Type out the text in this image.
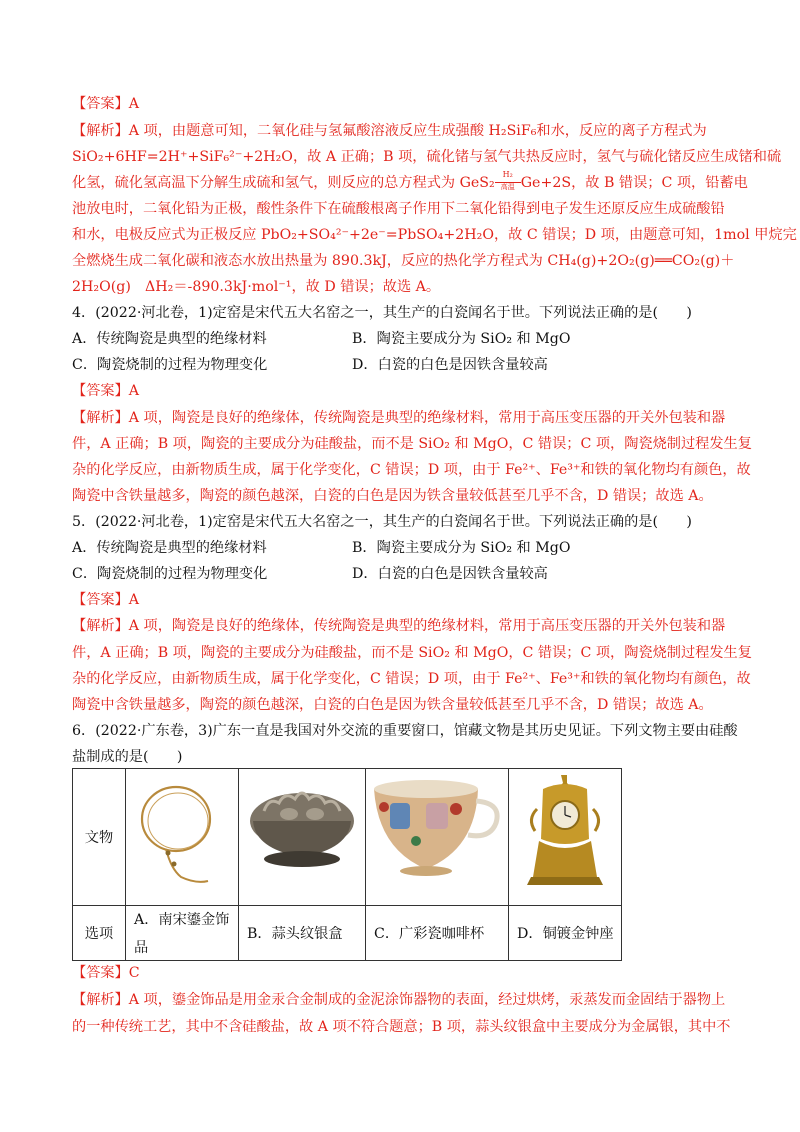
【答案】A
【解析】A 项，由题意可知，二氧化硅与氢氟酸溶液反应生成强酸 H₂SiF₆和水，反应的离子方程式为
SiO₂+6HF=2H⁺+SiF₆²⁻+2H₂O，故 A 正确；B 项，硫化锗与氢气共热反应时，氢气与硫化锗反应生成锗和硫
化氢，硫化氢高温下分解生成硫和氢气，则反应的总方程式为 $GeS_2 \frac{\text{H₂}}{\text{高温}} Ge+2S$，故 B 错误；C 项，铅蓄电
池放电时，二氧化铅为正极，酸性条件下在硫酸根离子作用下二氧化铅得到电子发生还原反应生成硫酸铅
和水，电极反应式为正极反应 PbO₂+SO₄²⁻+2e⁻=PbSO₄+2H₂O，故 C 错误；D 项，由题意可知，1mol 甲烷完
全燃烧生成二氧化碳和液态水放出热量为 890.3kJ，反应的热化学方程式为 CH₄(g)+2O₂(g)══CO₂(g)＋
2H₂O(g)　ΔH₂＝-890.3kJ·mol⁻¹，故 D 错误；故选 A。
4．(2022·河北卷，1)定窑是宋代五大名窑之一，其生产的白瓷闻名于世。下列说法正确的是(　　)
A．传统陶瓷是典型的绝缘材料	B．陶瓷主要成分为 SiO₂ 和 MgO
C．陶瓷烧制的过程为物理变化	D．白瓷的白色是因铁含量较高
【答案】A
【解析】A 项，陶瓷是良好的绝缘体，传统陶瓷是典型的绝缘材料，常用于高压变压器的开关外包装和器
件，A 正确；B 项，陶瓷的主要成分为硅酸盐，而不是 SiO₂ 和 MgO，C 错误；C 项，陶瓷烧制过程发生复
杂的化学反应，由新物质生成，属于化学变化，C 错误；D 项，由于 Fe²⁺、Fe³⁺和铁的氧化物均有颜色，故
陶瓷中含铁量越多，陶瓷的颜色越深，白瓷的白色是因为铁含量较低甚至几乎不含，D 错误；故选 A。
5．(2022·河北卷，1)定窑是宋代五大名窑之一，其生产的白瓷闻名于世。下列说法正确的是(　　)
A．传统陶瓷是典型的绝缘材料	B．陶瓷主要成分为 SiO₂ 和 MgO
C．陶瓷烧制的过程为物理变化	D．白瓷的白色是因铁含量较高
【答案】A
【解析】A 项，陶瓷是良好的绝缘体，传统陶瓷是典型的绝缘材料，常用于高压变压器的开关外包装和器
件，A 正确；B 项，陶瓷的主要成分为硅酸盐，而不是 SiO₂ 和 MgO，C 错误；C 项，陶瓷烧制过程发生复
杂的化学反应，由新物质生成，属于化学变化，C 错误；D 项，由于 Fe²⁺、Fe³⁺和铁的氧化物均有颜色，故
陶瓷中含铁量越多，陶瓷的颜色越深，白瓷的白色是因为铁含量较低甚至几乎不含，D 错误；故选 A。
6．(2022·广东卷，3)广东一直是我国对外交流的重要窗口，馆藏文物是其历史见证。下列文物主要由硅酸
盐制成的是(　　)
文物				
选项	A．南宋鎏金饰
品	B．蒜头纹银盒	C．广彩瓷咖啡杯	D．铜镀金钟座
【答案】C
【解析】A 项，鎏金饰品是用金汞合金制成的金泥涂饰器物的表面，经过烘烤，汞蒸发而金固结于器物上
的一种传统工艺，其中不含硅酸盐，故 A 项不符合题意；B 项，蒜头纹银盒中主要成分为金属银，其中不
